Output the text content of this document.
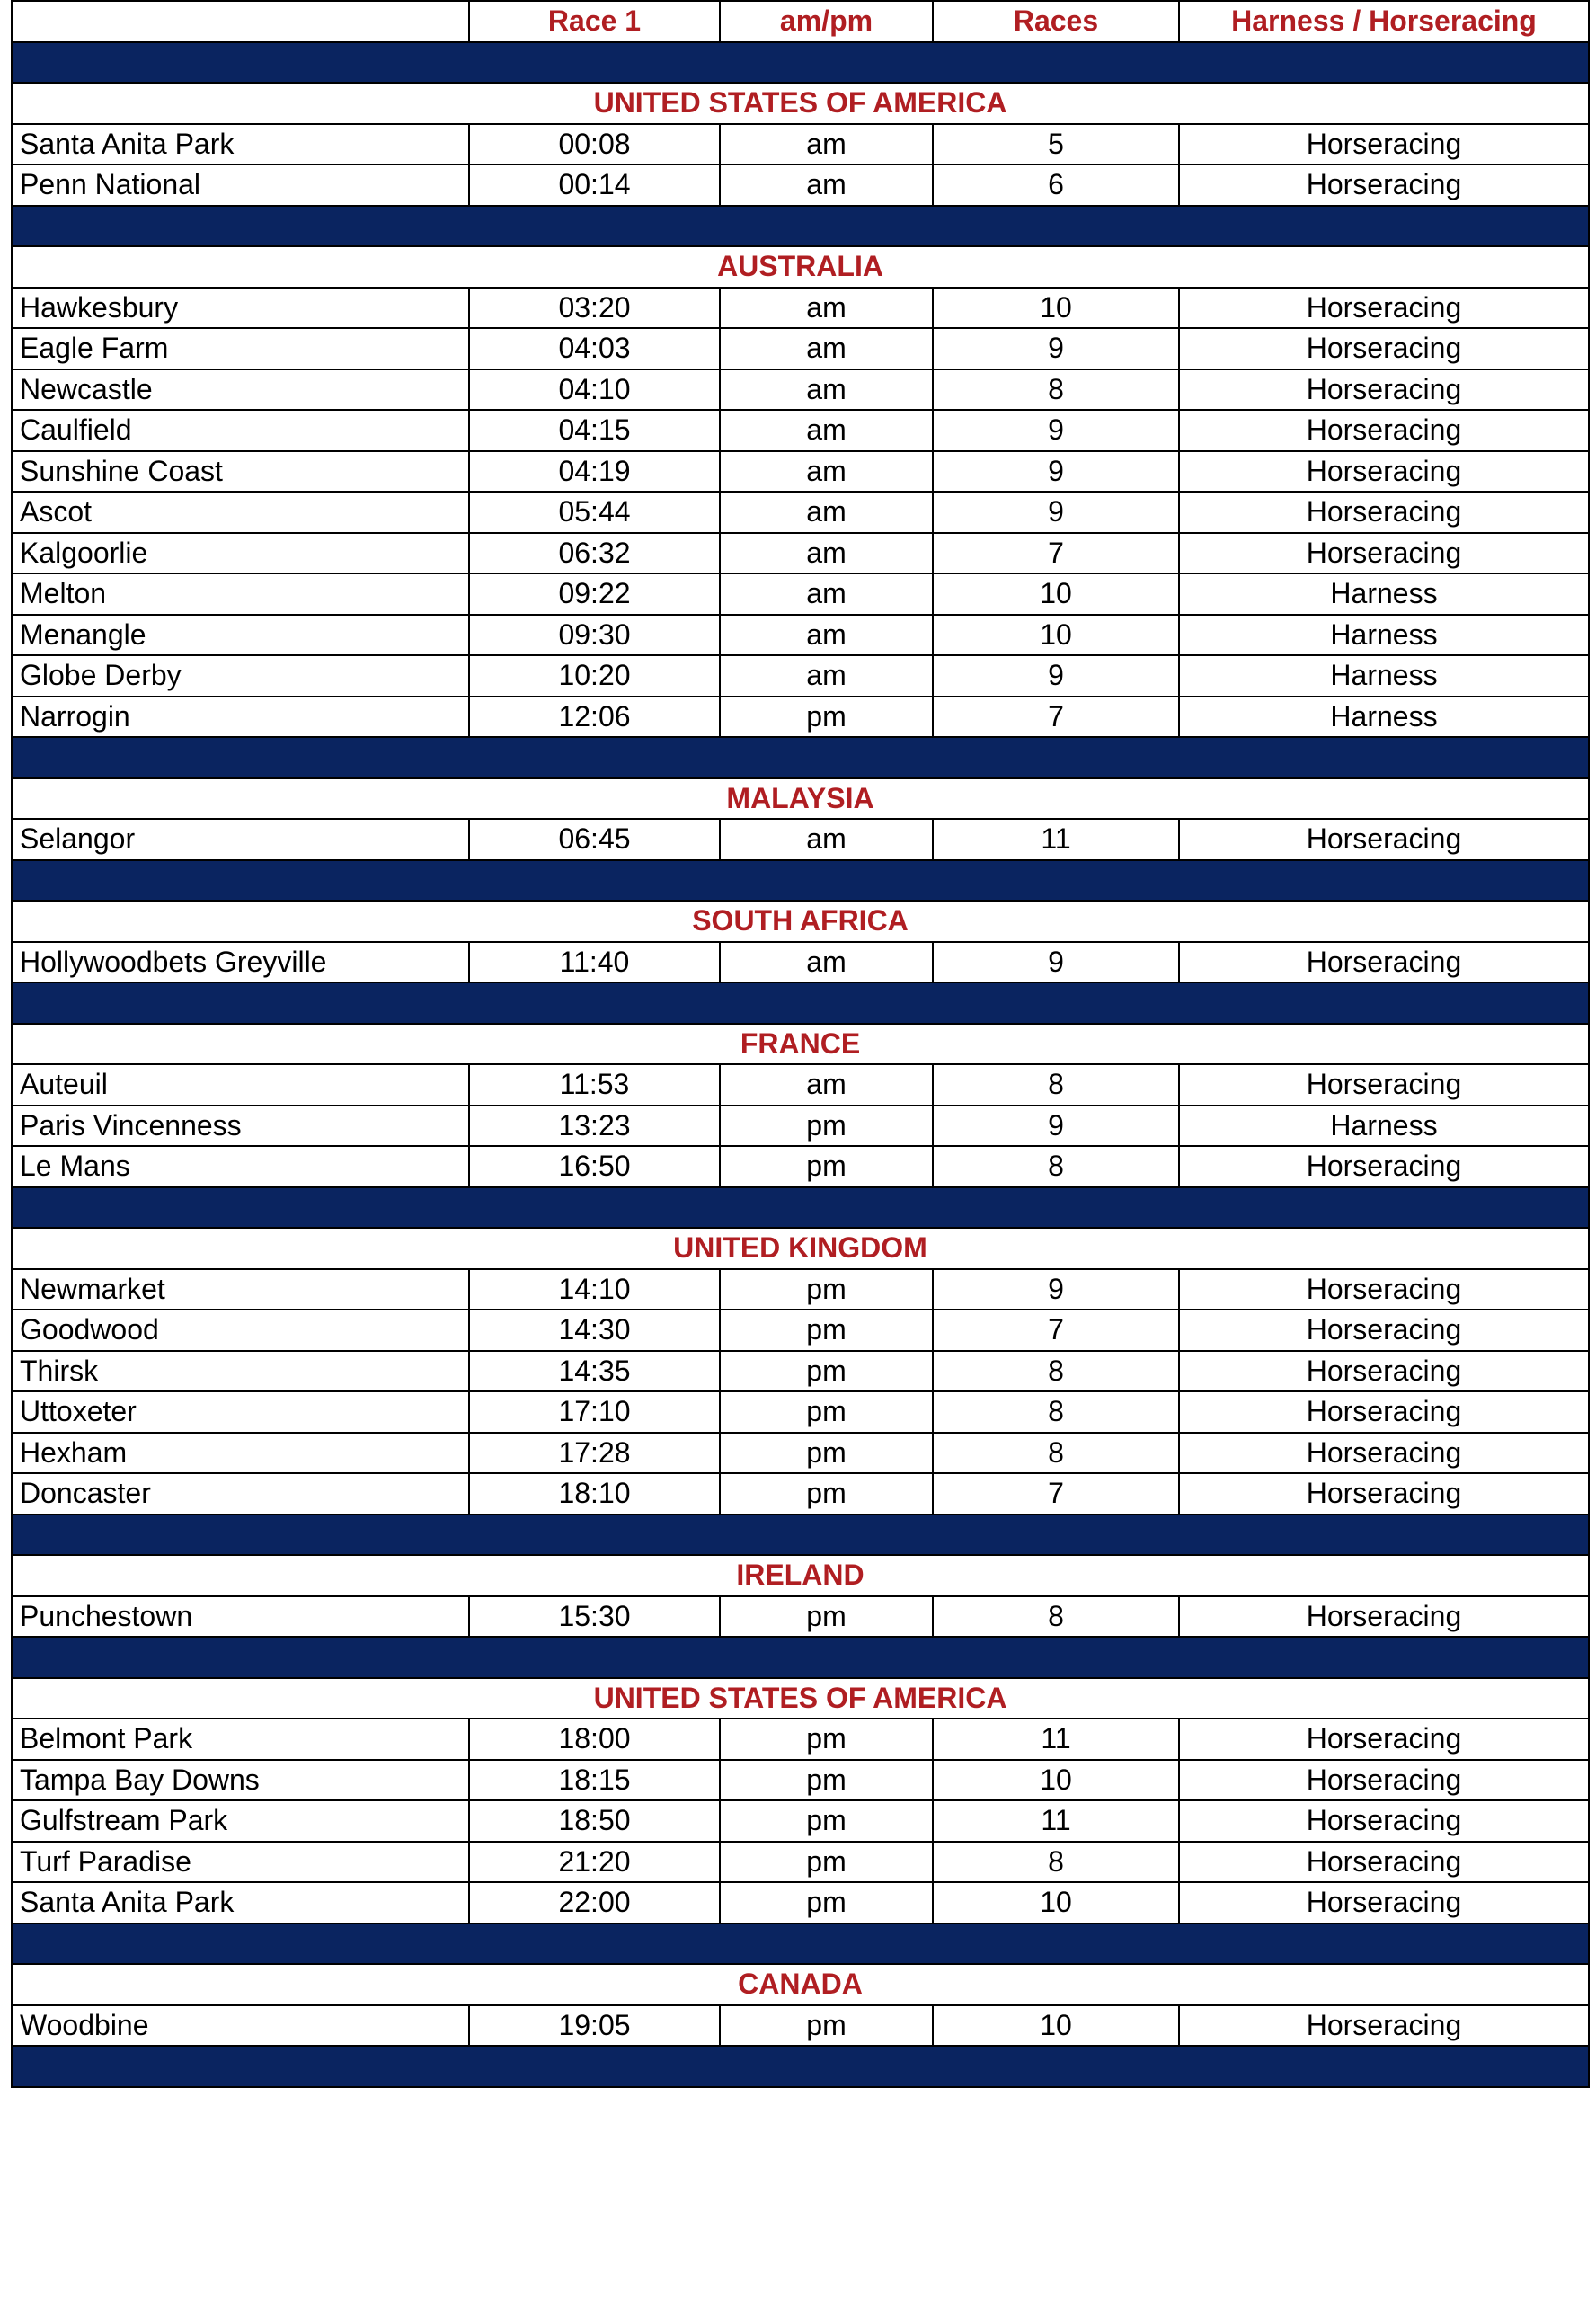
	Race 1	am/pm	Races	Harness / Horseracing

UNITED STATES OF AMERICA				
Santa Anita Park	00:08	am	5	Horseracing
Penn National	00:14	am	6	Horseracing

AUSTRALIA				
Hawkesbury	03:20	am	10	Horseracing
Eagle Farm	04:03	am	9	Horseracing
Newcastle	04:10	am	8	Horseracing
Caulfield	04:15	am	9	Horseracing
Sunshine Coast	04:19	am	9	Horseracing
Ascot	05:44	am	9	Horseracing
Kalgoorlie	06:32	am	7	Horseracing
Melton	09:22	am	10	Harness
Menangle	09:30	am	10	Harness
Globe Derby	10:20	am	9	Harness
Narrogin	12:06	pm	7	Harness

MALAYSIA				
Selangor	06:45	am	11	Horseracing

SOUTH AFRICA				
Hollywoodbets Greyville	11:40	am	9	Horseracing

FRANCE				
Auteuil	11:53	am	8	Horseracing
Paris Vincenness	13:23	pm	9	Harness
Le Mans	16:50	pm	8	Horseracing

UNITED KINGDOM				
Newmarket	14:10	pm	9	Horseracing
Goodwood	14:30	pm	7	Horseracing
Thirsk	14:35	pm	8	Horseracing
Uttoxeter	17:10	pm	8	Horseracing
Hexham	17:28	pm	8	Horseracing
Doncaster	18:10	pm	7	Horseracing

IRELAND				
Punchestown	15:30	pm	8	Horseracing

UNITED STATES OF AMERICA				
Belmont Park	18:00	pm	11	Horseracing
Tampa Bay Downs	18:15	pm	10	Horseracing
Gulfstream Park	18:50	pm	11	Horseracing
Turf Paradise	21:20	pm	8	Horseracing
Santa Anita Park	22:00	pm	10	Horseracing

CANADA				
Woodbine	19:05	pm	10	Horseracing
